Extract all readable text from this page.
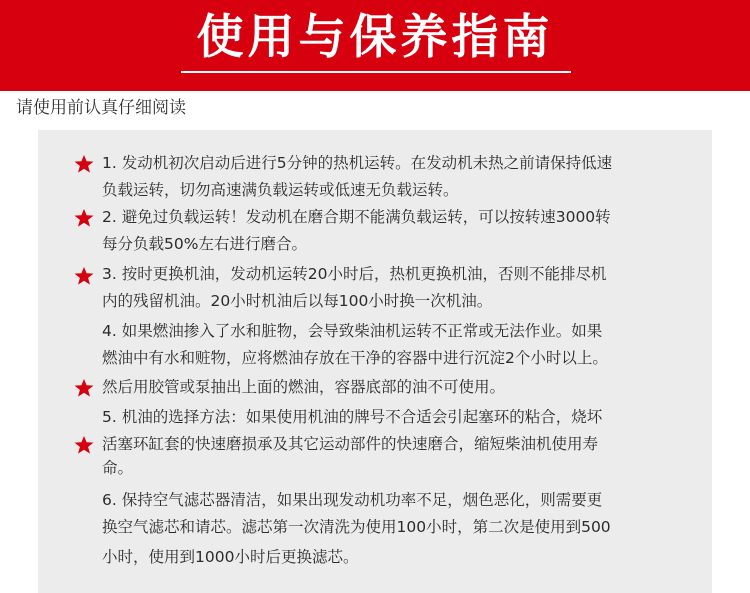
使用与保养指南
请使用前认真仔细阅读
1. 发动机初次启动后进行5分钟的热机运转。在发动机未热之前请保持低速
负载运转，切勿高速满负载运转或低速无负载运转。
2. 避免过负载运转！发动机在磨合期不能满负载运转，可以按转速3000转
每分负载50%左右进行磨合。
3. 按时更换机油，发动机运转20小时后，热机更换机油，否则不能排尽机
内的残留机油。20小时机油后以每100小时换一次机油。
4. 如果燃油掺入了水和脏物，会导致柴油机运转不正常或无法作业。如果
燃油中有水和赃物，应将燃油存放在干净的容器中进行沉淀2个小时以上。
然后用胶管或泵抽出上面的燃油，容器底部的油不可使用。
5. 机油的选择方法：如果使用机油的牌号不合适会引起塞环的粘合，烧坏
活塞环缸套的快速磨损承及其它运动部件的快速磨合，缩短柴油机使用寿
命。
6. 保持空气滤芯器清洁，如果出现发动机功率不足，烟色恶化，则需要更
换空气滤芯和请芯。滤芯第一次清洗为使用100小时，第二次是使用到500
小时，使用到1000小时后更换滤芯。
